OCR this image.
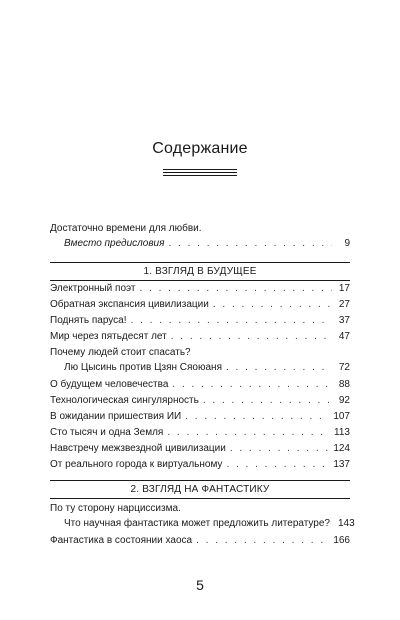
Содержание
Достаточно времени для любви.
Вместо предисловия . . .	9
1. ВЗГЛЯД В БУДУЩЕЕ
Электронный поэт . . .	17
Обратная экспансия цивилизации . . .	27
Поднять паруса! . . .	37
Мир через пятьдесят лет . . .	47
Почему людей стоит спасать?
Лю Цысинь против Цзян Сяоюаня . . .	72
О будущем человечества . . .	88
Технологическая сингулярность . . .	92
В ожидании пришествия ИИ . . .	107
Сто тысяч и одна Земля . . .	113
Навстречу межзвездной цивилизации . . .	124
От реального города к виртуальному . . .	137
2. ВЗГЛЯД НА ФАНТАСТИКУ
По ту сторону нарциссизма.
Что научная фантастика может предложить литературе? 143
Фантастика в состоянии хаоса . . .	166
5
